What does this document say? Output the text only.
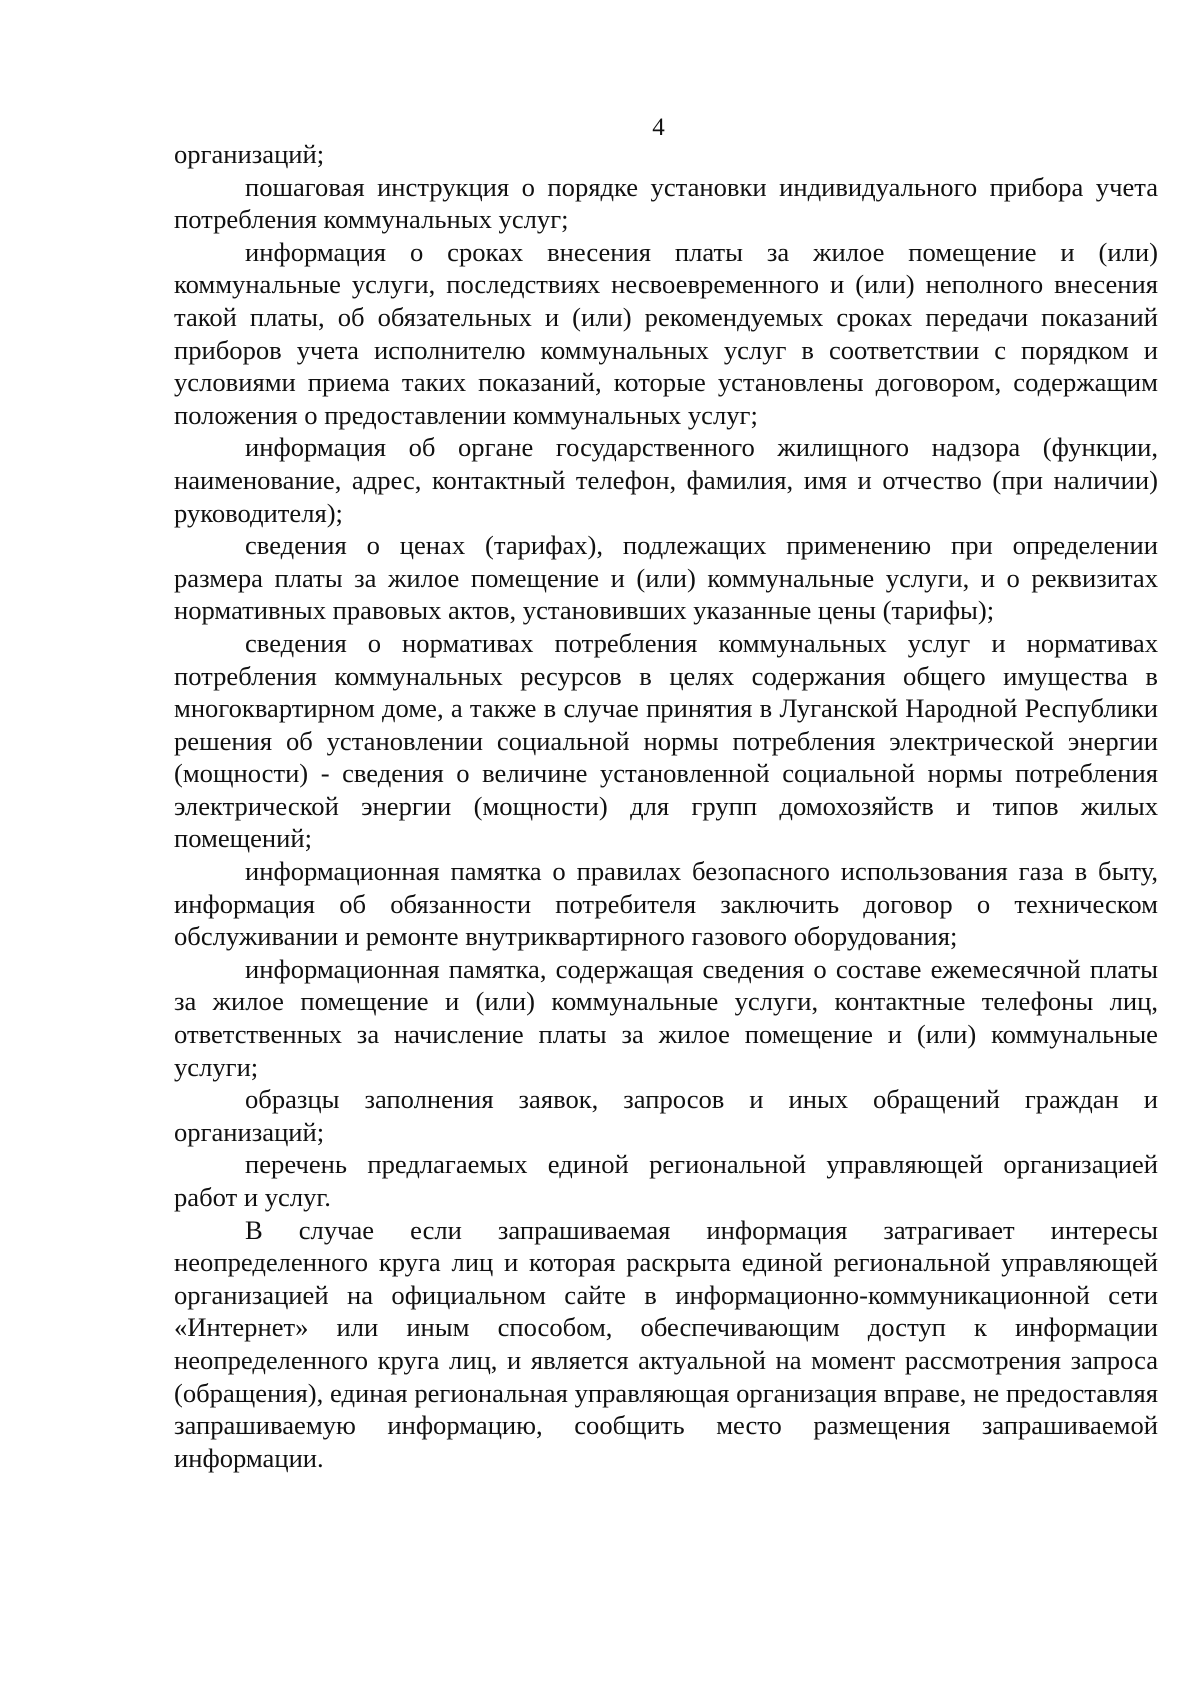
4

организаций;

пошаговая инструкция о порядке установки индивидуального прибора учета потребления коммунальных услуг;

информация о сроках внесения платы за жилое помещение и (или) коммунальные услуги, последствиях несвоевременного и (или) неполного внесения такой платы, об обязательных и (или) рекомендуемых сроках передачи показаний приборов учета исполнителю коммунальных услуг в соответствии с порядком и условиями приема таких показаний, которые установлены договором, содержащим положения о предоставлении коммунальных услуг;

информация об органе государственного жилищного надзора (функции, наименование, адрес, контактный телефон, фамилия, имя и отчество (при наличии) руководителя);

сведения о ценах (тарифах), подлежащих применению при определении размера платы за жилое помещение и (или) коммунальные услуги, и о реквизитах нормативных правовых актов, установивших указанные цены (тарифы);

сведения о нормативах потребления коммунальных услуг и нормативах потребления коммунальных ресурсов в целях содержания общего имущества в многоквартирном доме, а также в случае принятия в Луганской Народной Республики решения об установлении социальной нормы потребления электрической энергии (мощности) - сведения о величине установленной социальной нормы потребления электрической энергии (мощности) для групп домохозяйств и типов жилых помещений;

информационная памятка о правилах безопасного использования газа в быту, информация об обязанности потребителя заключить договор о техническом обслуживании и ремонте внутриквартирного газового оборудования;

информационная памятка, содержащая сведения о составе ежемесячной платы за жилое помещение и (или) коммунальные услуги, контактные телефоны лиц, ответственных за начисление платы за жилое помещение и (или) коммунальные услуги;

образцы заполнения заявок, запросов и иных обращений граждан и организаций;

перечень предлагаемых единой региональной управляющей организацией работ и услуг.

В случае если запрашиваемая информация затрагивает интересы неопределенного круга лиц и которая раскрыта единой региональной управляющей организацией на официальном сайте в информационно-коммуникационной сети «Интернет» или иным способом, обеспечивающим доступ к информации неопределенного круга лиц, и является актуальной на момент рассмотрения запроса (обращения), единая региональная управляющая организация вправе, не предоставляя запрашиваемую информацию, сообщить место размещения запрашиваемой информации.
